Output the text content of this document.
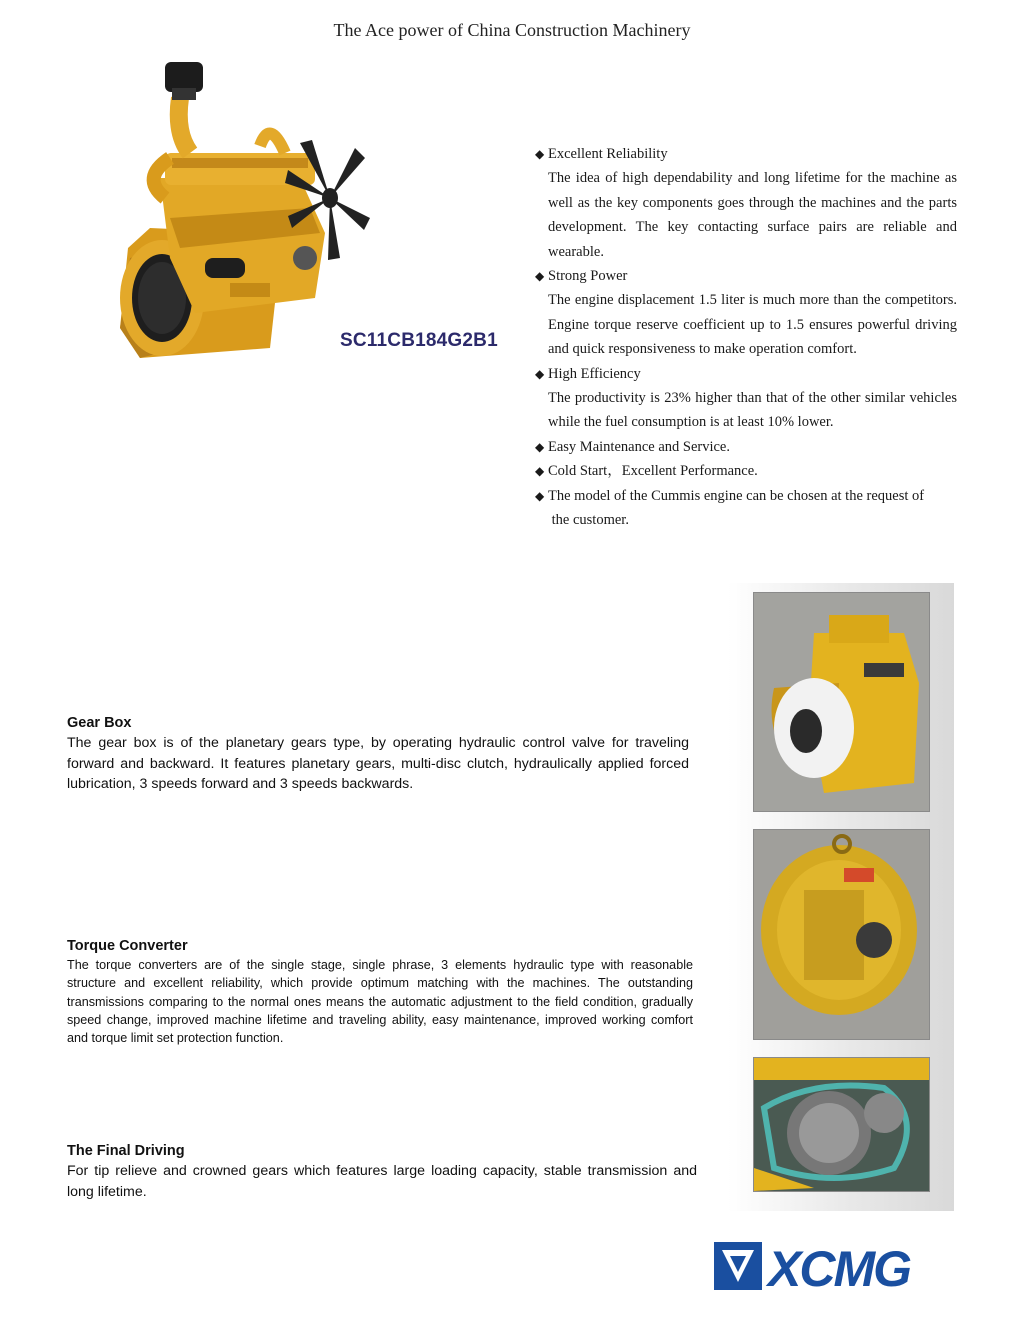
The Ace power of China Construction Machinery
SC11CB184G2B1
◆ Excellent Reliability
The idea of high dependability and long lifetime for the machine as well as the key components goes through the machines and the parts development. The key contacting surface pairs are reliable and wearable.
◆ Strong Power
The engine displacement 1.5 liter is much more than the competitors. Engine torque reserve coefficient up to 1.5 ensures powerful driving and quick responsiveness to make operation comfort.
◆ High Efficiency
The productivity is 23% higher than that of the other similar vehicles while the fuel consumption is at least 10% lower.
◆ Easy Maintenance and Service.
◆ Cold Start，Excellent Performance.
◆ The model of the Cummis engine can be chosen at the request of
the customer.
Gear Box

The gear box is of the planetary gears type, by operating hydraulic control valve for traveling forward and backward. It features planetary gears, multi-disc clutch, hydraulically applied forced lubrication, 3 speeds forward and 3 speeds backwards.

Torque Converter

The torque converters are of the single stage, single phrase, 3 elements hydraulic type with reasonable structure and excellent reliability, which provide optimum matching with the machines. The outstanding transmissions comparing to the normal ones means the automatic adjustment to the field condition, gradually speed change, improved machine lifetime and traveling ability, easy maintenance, improved working comfort and torque limit set protection function.

The Final Driving

For tip relieve and crowned gears which features large loading capacity, stable transmission and long lifetime.

XCMG
